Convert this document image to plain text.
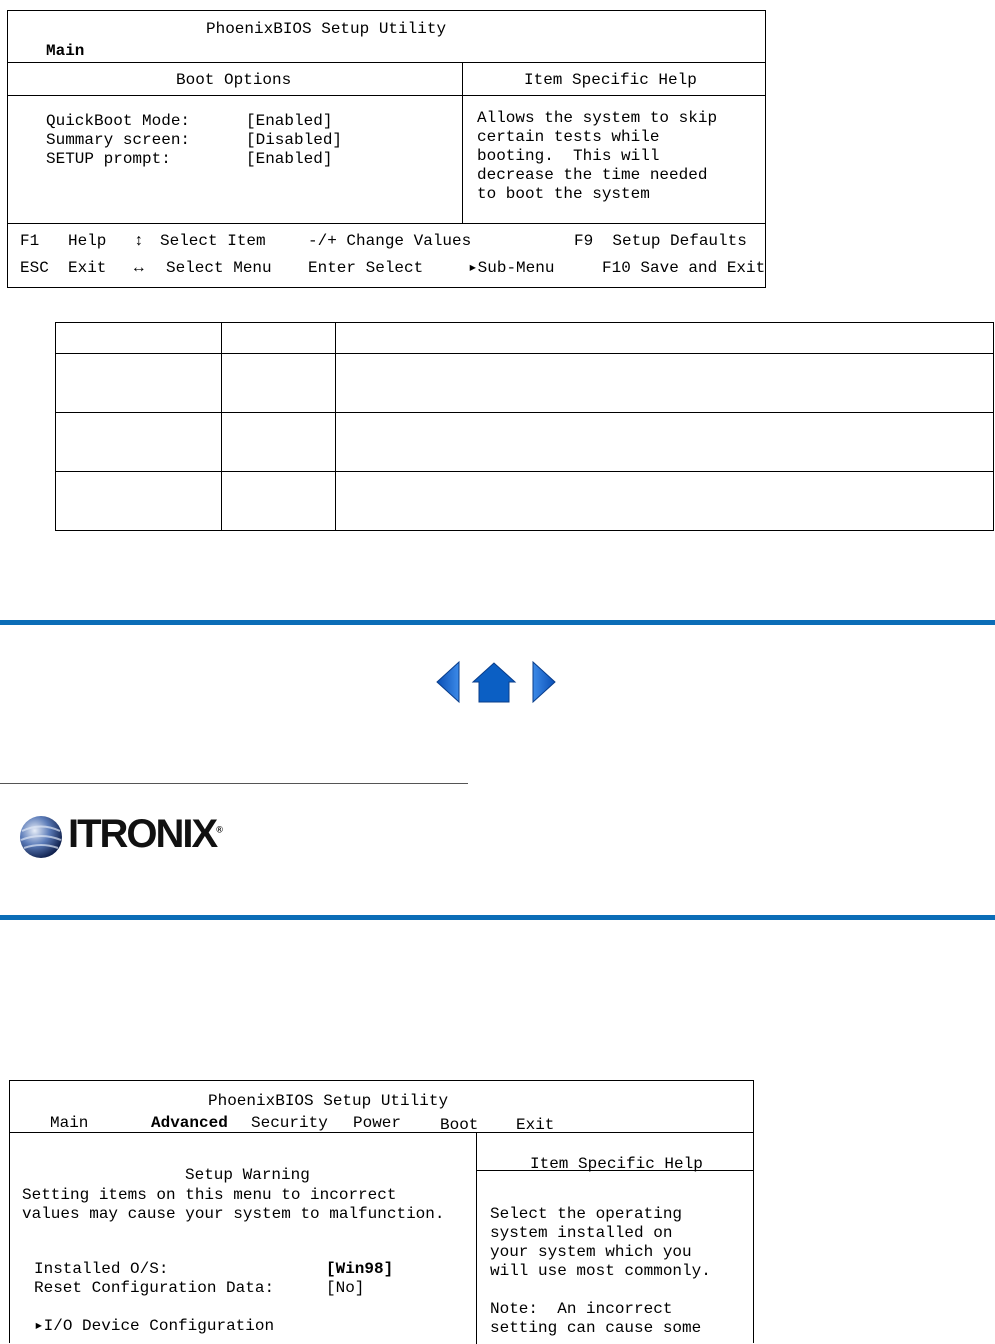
PhoenixBIOS Setup Utility
Main
Boot Options	Item Specific Help
QuickBoot Mode:	[Enabled]
Summary screen:	[Disabled]
SETUP prompt:	[Enabled]
Allows the system to skip
certain tests while
booting.  This will
decrease the time needed
to boot the system
F1 Help ↕ Select Item	-/+ Change Values	F9  Setup Defaults
ESC Exit ↔ Select Menu Enter Select	▸Sub-Menu	F10 Save and Exit

ITRONIX®
PhoenixBIOS Setup Utility
Main	Advanced Security Power Boot Exit
Setup Warning
Setting items on this menu to incorrect
values may cause your system to malfunction.
Installed O/S:	[Win98]
Reset Configuration Data:	[No]
▸I/O Device Configuration
Item Specific Help
Select the operating
system installed on
your system which you
will use most commonly.
Note:  An incorrect
setting can cause some
